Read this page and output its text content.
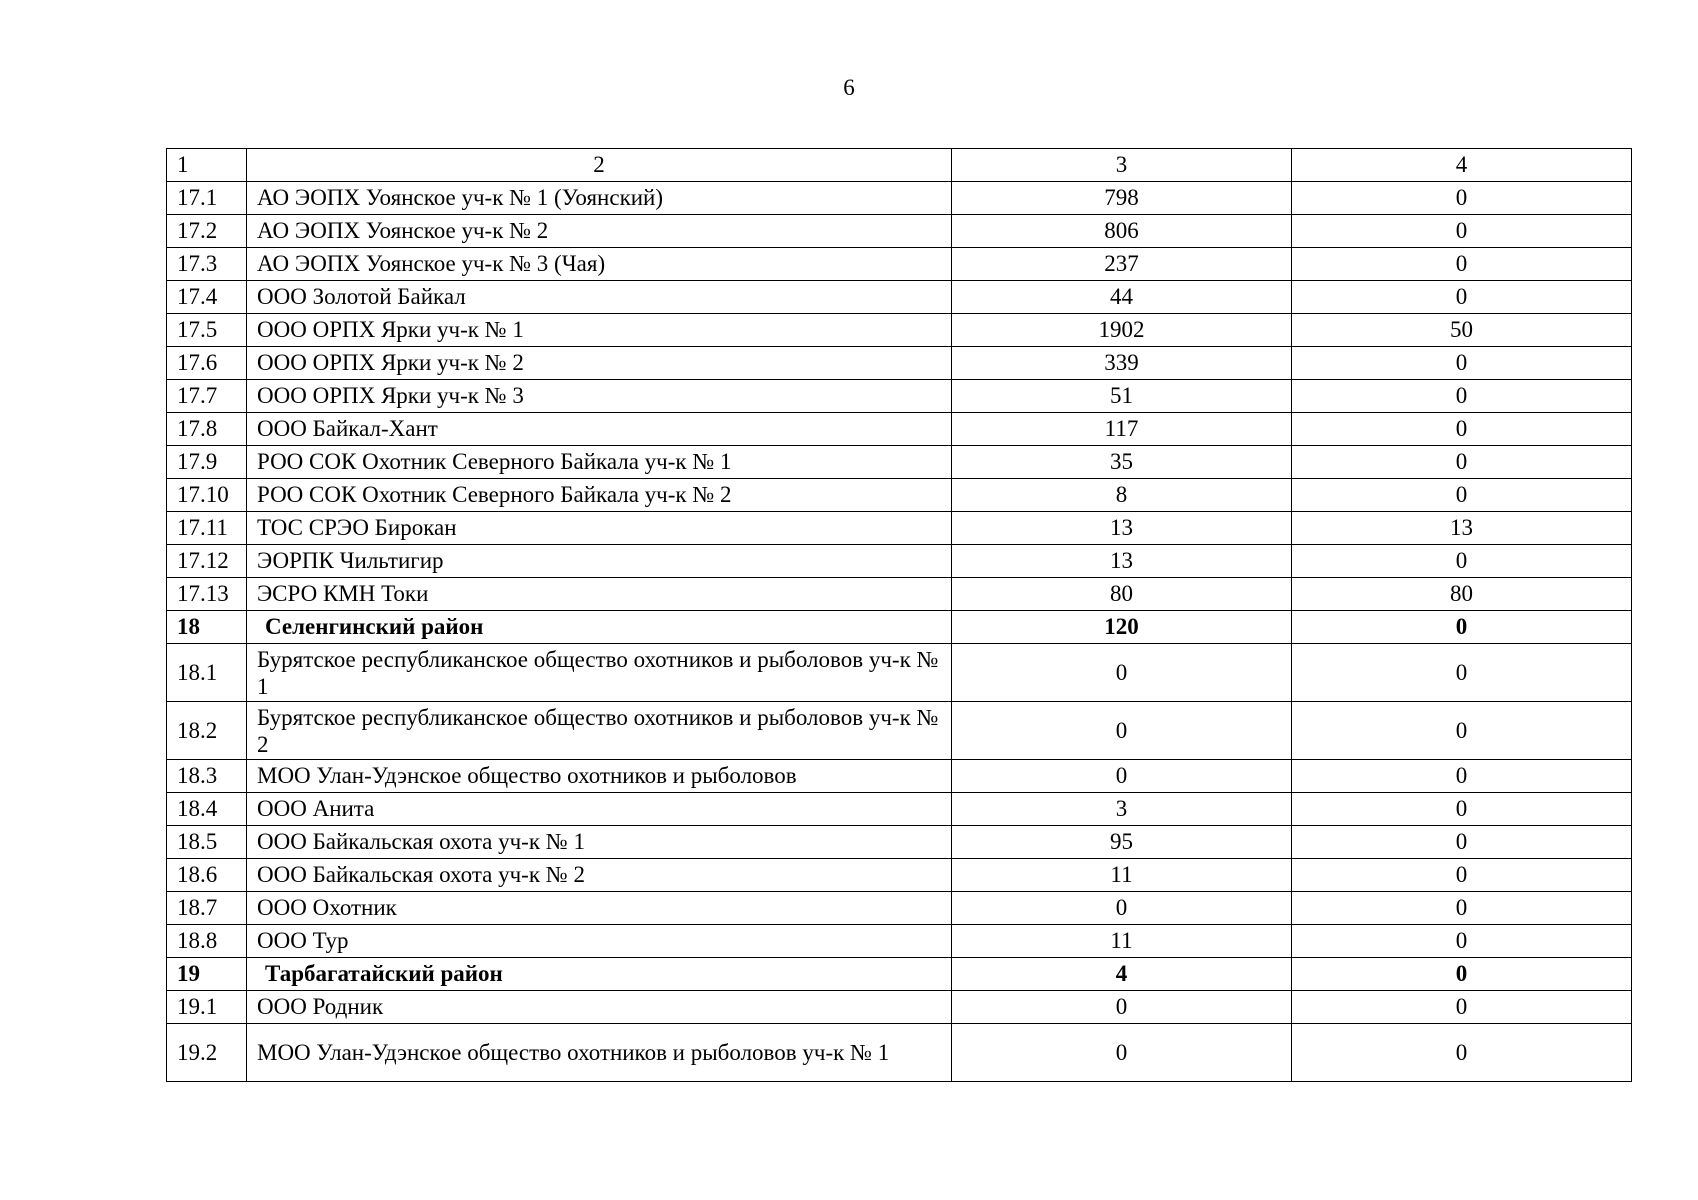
6
1	2	3	4
17.1	АО ЭОПХ Уоянское уч-к № 1 (Уоянский)	798	0
17.2	АО ЭОПХ Уоянское уч-к № 2	806	0
17.3	АО ЭОПХ Уоянское уч-к № 3 (Чая)	237	0
17.4	ООО Золотой Байкал	44	0
17.5	ООО ОРПХ Ярки уч-к № 1	1902	50
17.6	ООО ОРПХ Ярки уч-к № 2	339	0
17.7	ООО ОРПХ Ярки уч-к № 3	51	0
17.8	ООО Байкал-Хант	117	0
17.9	РОО СОК Охотник Северного Байкала уч-к № 1	35	0
17.10	РОО СОК Охотник Северного Байкала уч-к № 2	8	0
17.11	ТОС СРЭО Бирокан	13	13
17.12	ЭОРПК Чильтигир	13	0
17.13	ЭСРО КМН Токи	80	80
18	Селенгинский район	120	0
18.1	Бурятское республиканское общество охотников и рыболовов уч-к № 1	0	0
18.2	Бурятское республиканское общество охотников и рыболовов уч-к № 2	0	0
18.3	МОО Улан-Удэнское общество охотников и рыболовов	0	0
18.4	ООО Анита	3	0
18.5	ООО Байкальская охота уч-к № 1	95	0
18.6	ООО Байкальская охота уч-к № 2	11	0
18.7	ООО Охотник	0	0
18.8	ООО Тур	11	0
19	Тарбагатайский район	4	0
19.1	ООО Родник	0	0
19.2	МОО Улан-Удэнское общество охотников и рыболовов уч-к № 1	0	0
